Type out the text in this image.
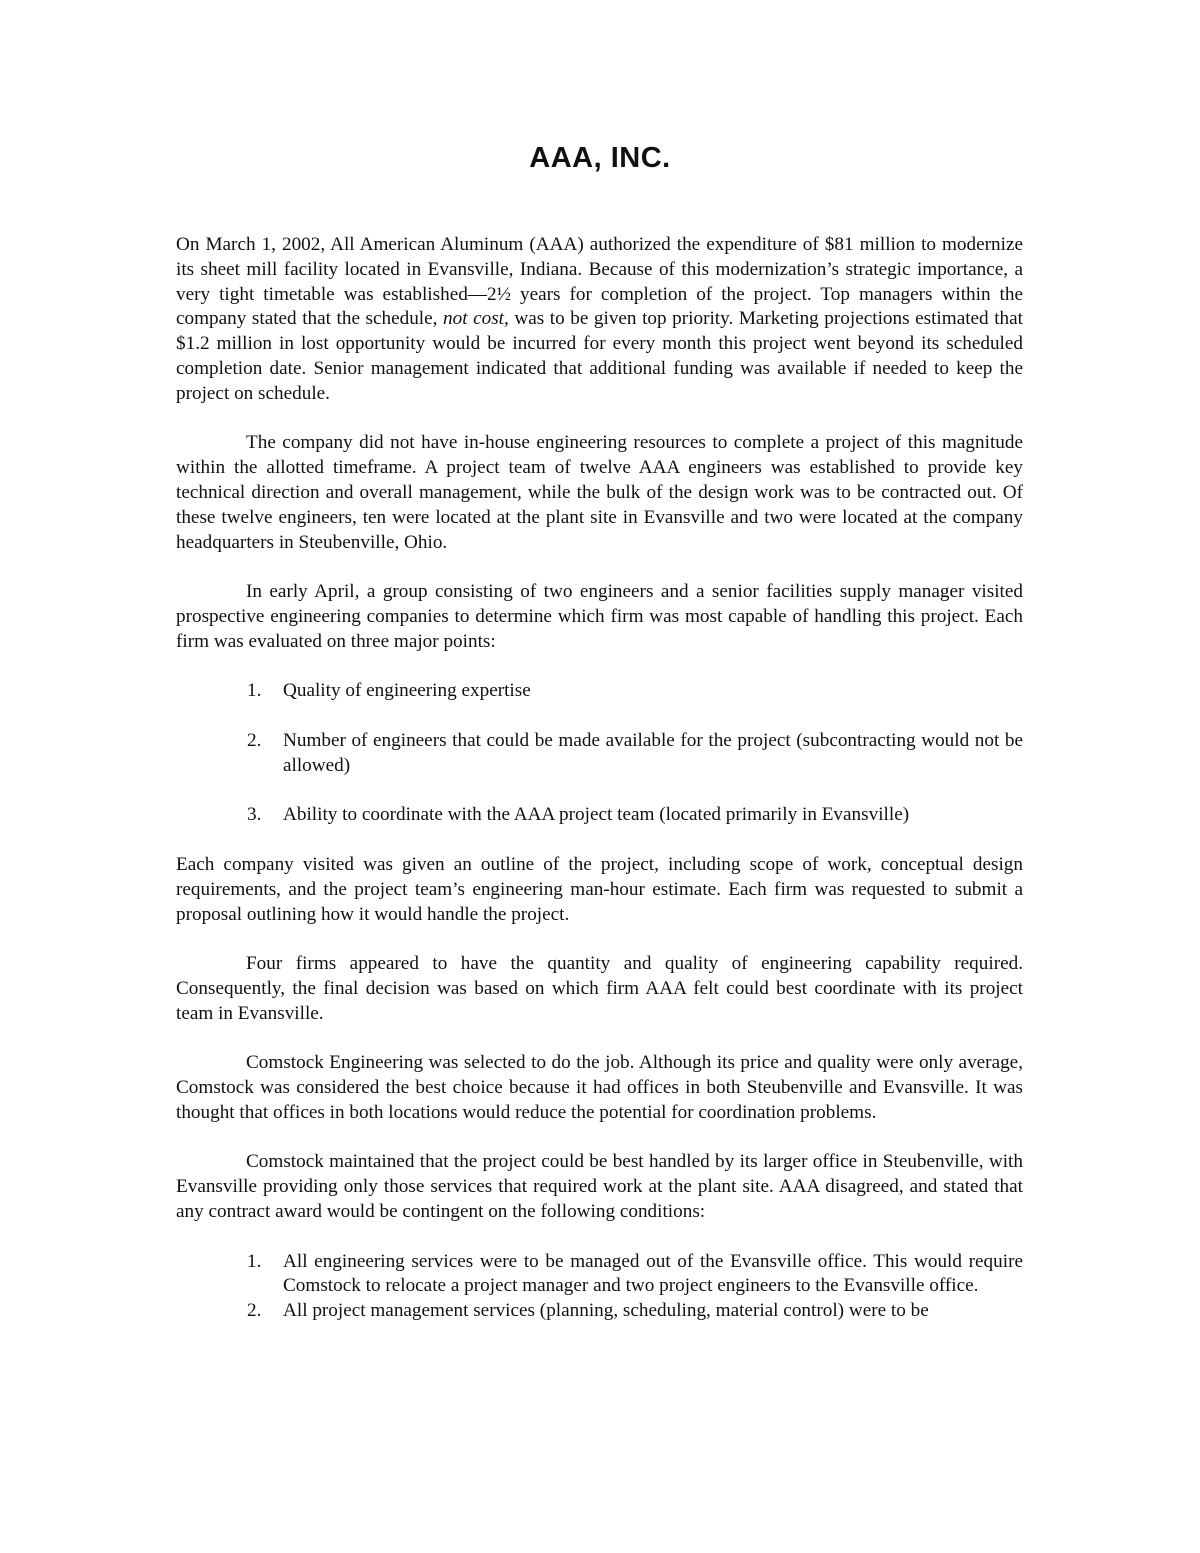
AAA, INC.

On March 1, 2002, All American Aluminum (AAA) authorized the expenditure of $81 million to modernize its sheet mill facility located in Evansville, Indiana. Because of this modernization’s strategic importance, a very tight timetable was established—2½ years for completion of the project. Top managers within the company stated that the schedule, not cost, was to be given top priority. Marketing projections estimated that $1.2 million in lost opportunity would be incurred for every month this project went beyond its scheduled completion date. Senior management indicated that additional funding was available if needed to keep the project on schedule.

The company did not have in-house engineering resources to complete a project of this magnitude within the allotted timeframe. A project team of twelve AAA engineers was established to provide key technical direction and overall management, while the bulk of the design work was to be contracted out. Of these twelve engineers, ten were located at the plant site in Evansville and two were located at the company headquarters in Steubenville, Ohio.

In early April, a group consisting of two engineers and a senior facilities supply manager visited prospective engineering companies to determine which firm was most capable of handling this project. Each firm was evaluated on three major points:

1. Quality of engineering expertise
2. Number of engineers that could be made available for the project (subcontracting would not be allowed)
3. Ability to coordinate with the AAA project team (located primarily in Evansville)

Each company visited was given an outline of the project, including scope of work, conceptual design requirements, and the project team’s engineering man-hour estimate. Each firm was requested to submit a proposal outlining how it would handle the project.

Four firms appeared to have the quantity and quality of engineering capability required. Consequently, the final decision was based on which firm AAA felt could best coordinate with its project team in Evansville.

Comstock Engineering was selected to do the job. Although its price and quality were only average, Comstock was considered the best choice because it had offices in both Steubenville and Evansville. It was thought that offices in both locations would reduce the potential for coordination problems.

Comstock maintained that the project could be best handled by its larger office in Steubenville, with Evansville providing only those services that required work at the plant site. AAA disagreed, and stated that any contract award would be contingent on the following conditions:

1. All engineering services were to be managed out of the Evansville office. This would require Comstock to relocate a project manager and two project engineers to the Evansville office.
2. All project management services (planning, scheduling, material control) were to be
